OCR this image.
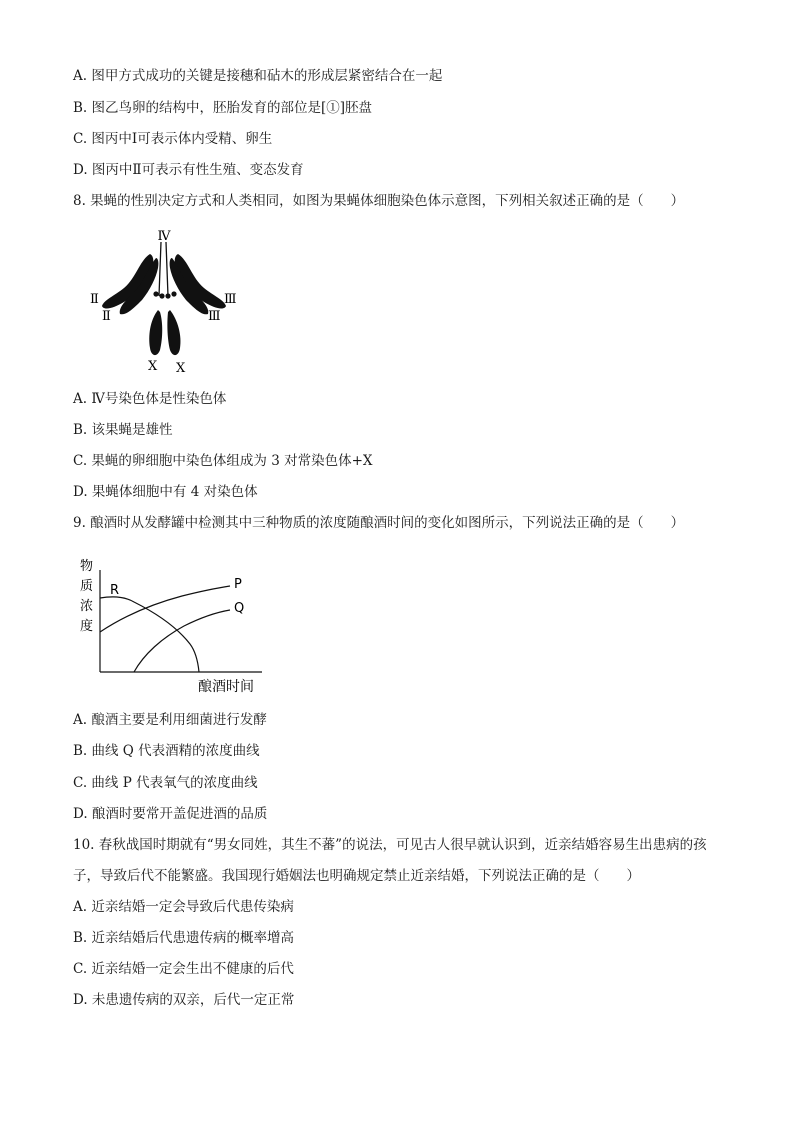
A. 图甲方式成功的关键是接穗和砧木的形成层紧密结合在一起
B. 图乙鸟卵的结构中，胚胎发育的部位是[①]胚盘
C. 图丙中Ⅰ可表示体内受精、卵生
D. 图丙中Ⅱ可表示有性生殖、变态发育
8. 果蝇的性别决定方式和人类相同，如图为果蝇体细胞染色体示意图，下列相关叙述正确的是（　　）
Ⅳ
Ⅱ
Ⅱ
Ⅲ
Ⅲ
X X
A. Ⅳ号染色体是性染色体
B. 该果蝇是雄性
C. 果蝇的卵细胞中染色体组成为 3 对常染色体+X
D. 果蝇体细胞中有 4 对染色体
9. 酿酒时从发酵罐中检测其中三种物质的浓度随酿酒时间的变化如图所示，下列说法正确的是（　　）
物
质
浓
度
R	P
Q
酿酒时间
A. 酿酒主要是利用细菌进行发酵
B. 曲线 Q 代表酒精的浓度曲线
C. 曲线 P 代表氧气的浓度曲线
D. 酿酒时要常开盖促进酒的品质
10. 春秋战国时期就有“男女同姓，其生不蕃”的说法，可见古人很早就认识到，近亲结婚容易生出患病的孩
子，导致后代不能繁盛。我国现行婚姻法也明确规定禁止近亲结婚，下列说法正确的是（　　）
A. 近亲结婚一定会导致后代患传染病
B. 近亲结婚后代患遗传病的概率增高
C. 近亲结婚一定会生出不健康的后代
D. 未患遗传病的双亲，后代一定正常
